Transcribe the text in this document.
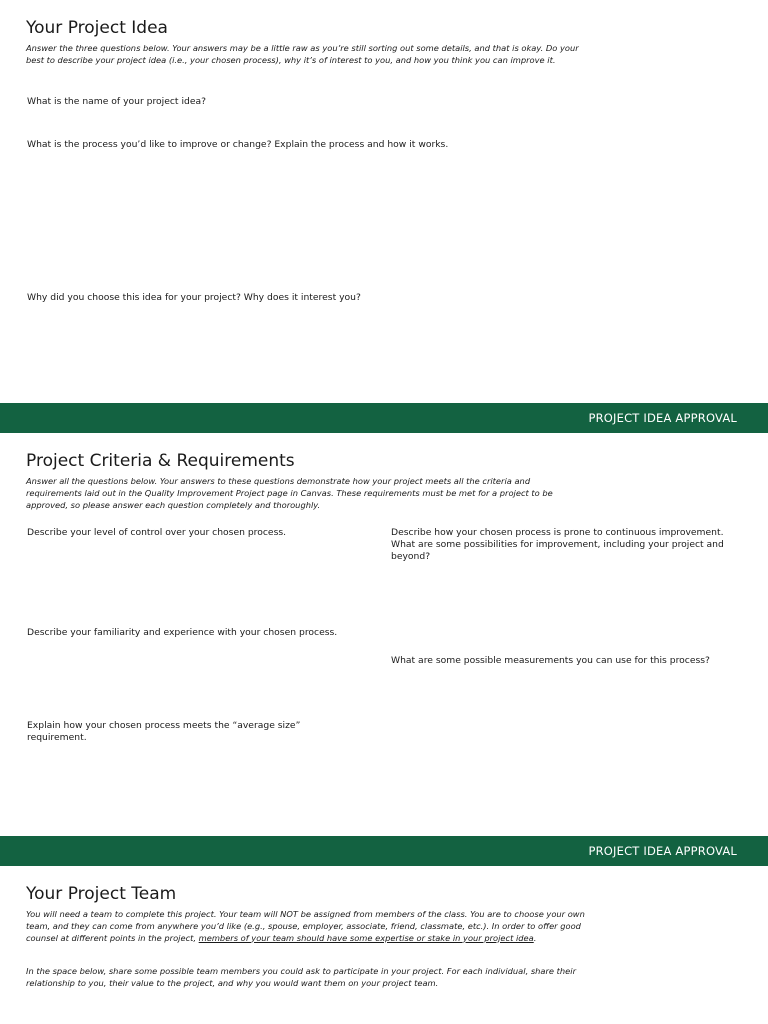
Your Project Idea

Answer the three questions below. Your answers may be a little raw as you’re still sorting out some details, and that is okay. Do your best to describe your project idea (i.e., your chosen process), why it’s of interest to you, and how you think you can improve it.

What is the name of your project idea?

What is the process you’d like to improve or change? Explain the process and how it works.

Why did you choose this idea for your project? Why does it interest you?

PROJECT IDEA APPROVAL
Project Criteria & Requirements

Answer all the questions below. Your answers to these questions demonstrate how your project meets all the criteria and requirements laid out in the Quality Improvement Project page in Canvas. These requirements must be met for a project to be approved, so please answer each question completely and thoroughly.

Describe your level of control over your chosen process.

Describe your familiarity and experience with your chosen process.

Explain how your chosen process meets the “average size” requirement.

Describe how your chosen process is prone to continuous improvement. What are some possibilities for improvement, including your project and beyond?

What are some possible measurements you can use for this process?

PROJECT IDEA APPROVAL
Your Project Team

You will need a team to complete this project. Your team will NOT be assigned from members of the class. You are to choose your own team, and they can come from anywhere you’d like (e.g., spouse, employer, associate, friend, classmate, etc.). In order to offer good counsel at different points in the project, members of your team should have some expertise or stake in your project idea.

In the space below, share some possible team members you could ask to participate in your project. For each individual, share their relationship to you, their value to the project, and why you would want them on your project team.
